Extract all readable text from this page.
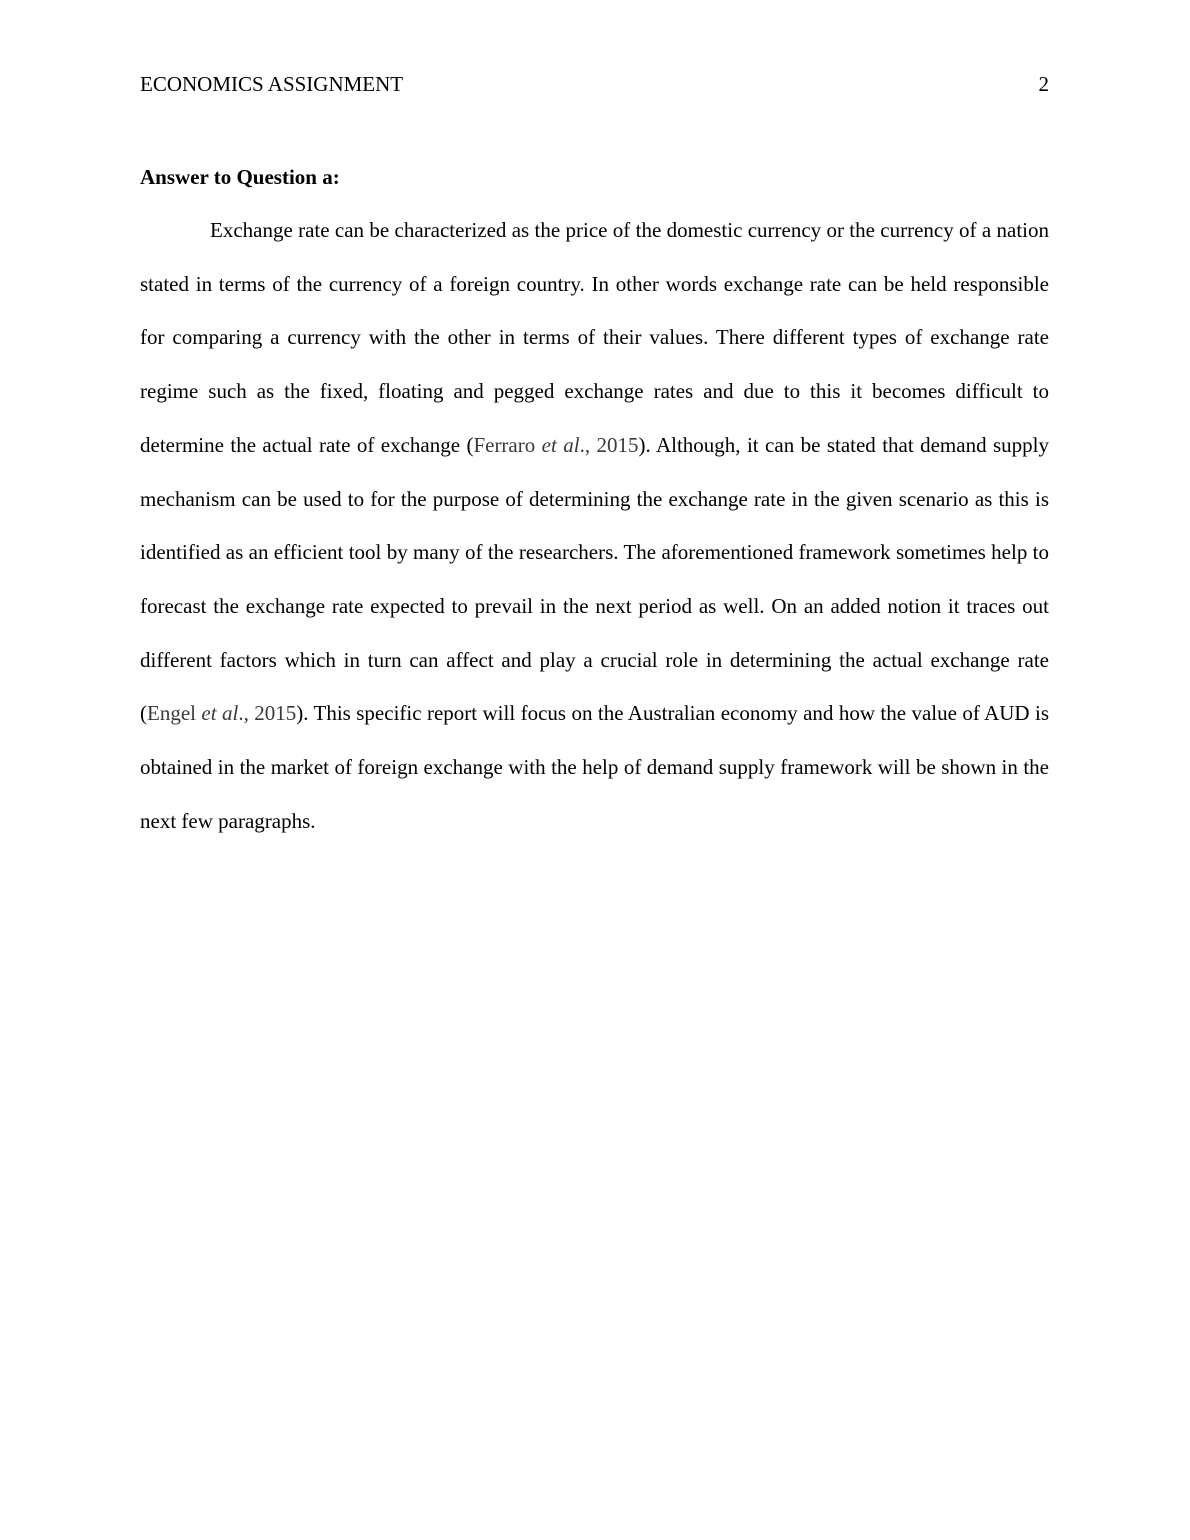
ECONOMICS ASSIGNMENT	2
Answer to Question a:

Exchange rate can be characterized as the price of the domestic currency or the currency of a nation stated in terms of the currency of a foreign country. In other words exchange rate can be held responsible for comparing a currency with the other in terms of their values. There different types of exchange rate regime such as the fixed, floating and pegged exchange rates and due to this it becomes difficult to determine the actual rate of exchange (Ferraro et al., 2015). Although, it can be stated that demand supply mechanism can be used to for the purpose of determining the exchange rate in the given scenario as this is identified as an efficient tool by many of the researchers. The aforementioned framework sometimes help to forecast the exchange rate expected to prevail in the next period as well. On an added notion it traces out different factors which in turn can affect and play a crucial role in determining the actual exchange rate (Engel et al., 2015). This specific report will focus on the Australian economy and how the value of AUD is obtained in the market of foreign exchange with the help of demand supply framework will be shown in the next few paragraphs.
